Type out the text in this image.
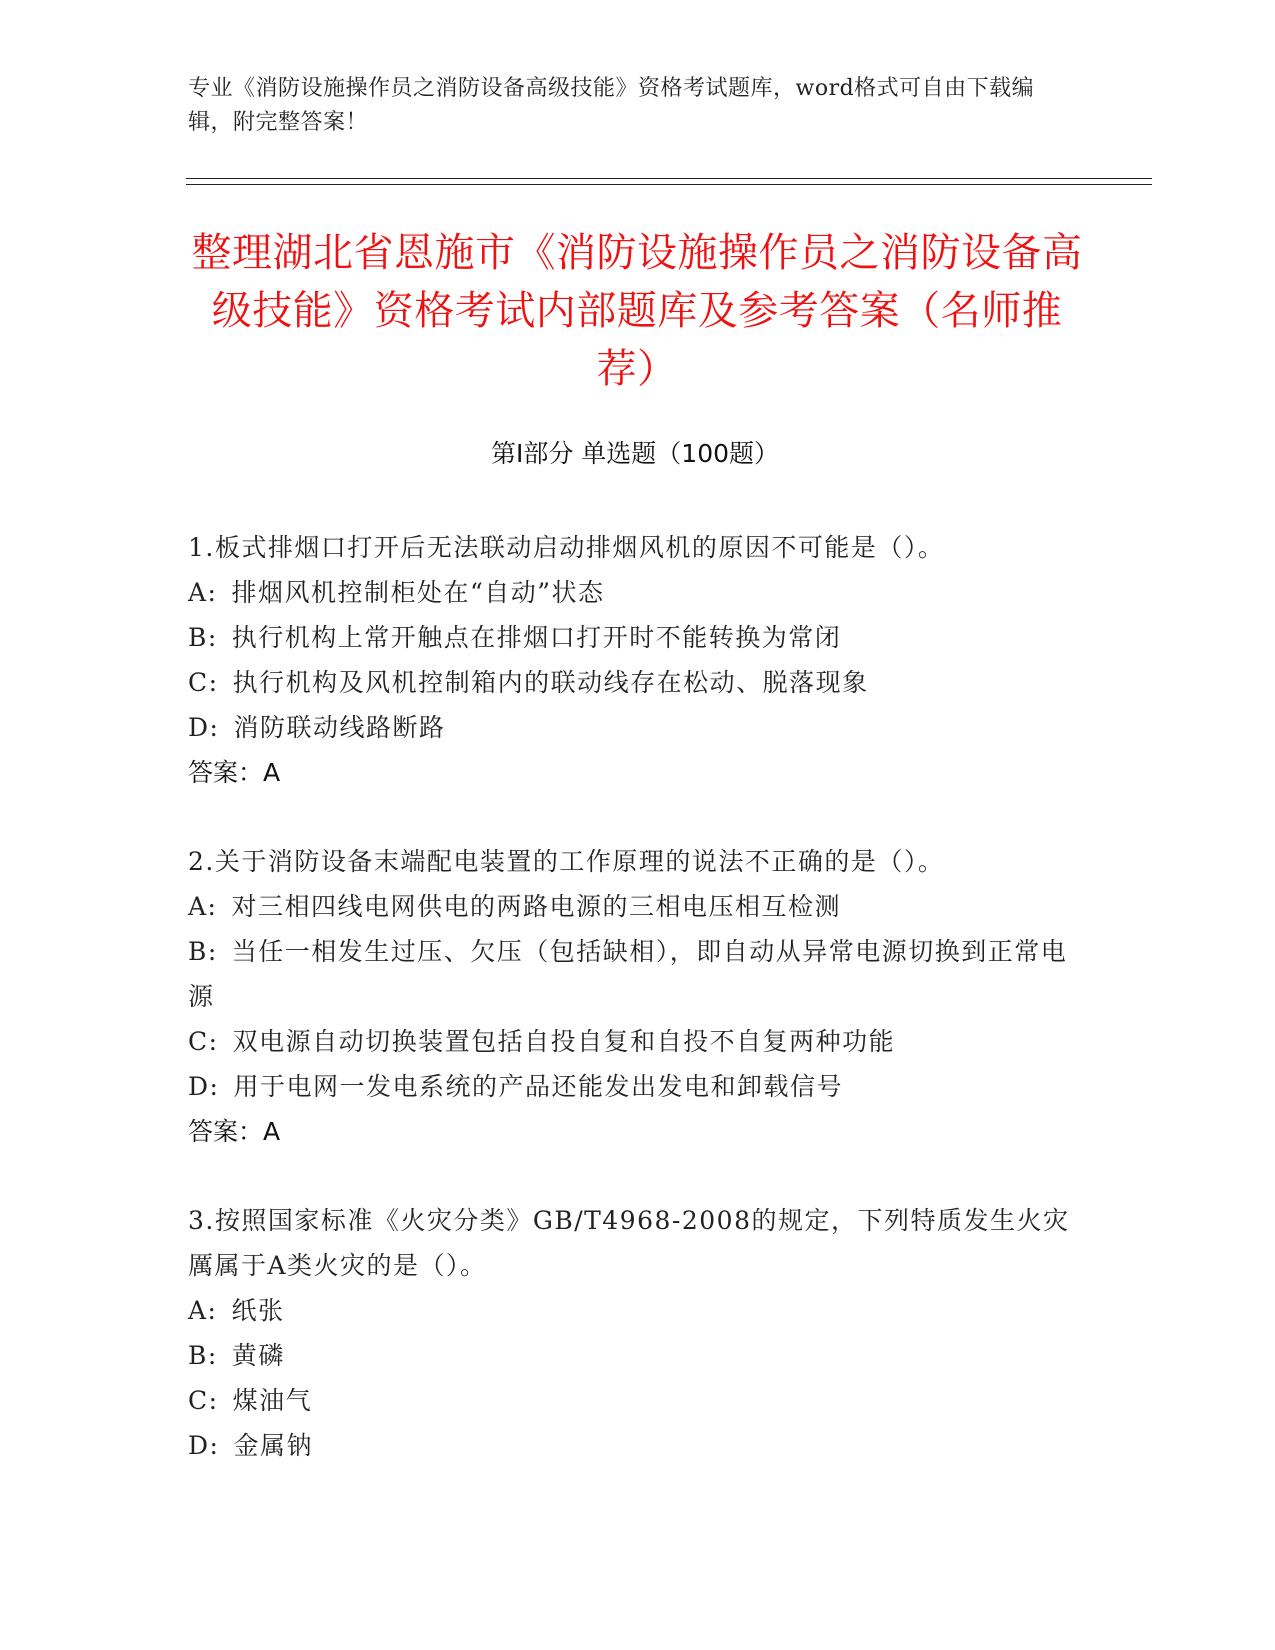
专业《消防设施操作员之消防设备高级技能》资格考试题库，word格式可自由下载编辑，附完整答案！
整理湖北省恩施市《消防设施操作员之消防设备高级技能》资格考试内部题库及参考答案（名师推荐）
第I部分 单选题（100题）

1.板式排烟口打开后无法联动启动排烟风机的原因不可能是（）。

A: 排烟风机控制柜处在“自动”状态

B: 执行机构上常开触点在排烟口打开时不能转换为常闭

C: 执行机构及风机控制箱内的联动线存在松动、脱落现象

D: 消防联动线路断路

答案：A

2.关于消防设备末端配电装置的工作原理的说法不正确的是（）。

A: 对三相四线电网供电的两路电源的三相电压相互检测

B: 当任一相发生过压、欠压（包括缺相），即自动从异常电源切换到正常电源

C: 双电源自动切换装置包括自投自复和自投不自复两种功能

D: 用于电网一发电系统的产品还能发出发电和卸载信号

答案：A

3.按照国家标准《火灾分类》GB/T4968-2008的规定，下列特质发生火灾厲属于A类火灾的是（）。

A: 纸张

B: 黄磷

C: 煤油气

D: 金属钠
